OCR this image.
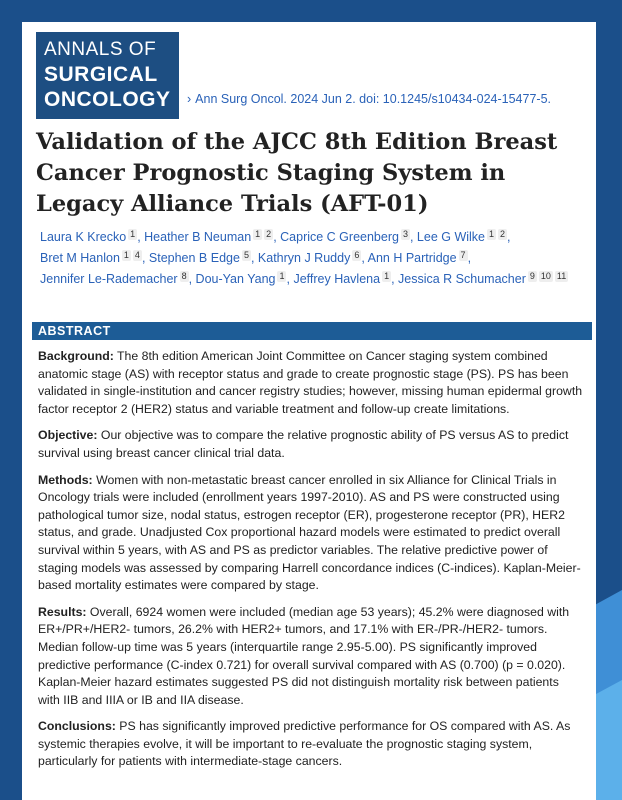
ANNALS OF
SURGICAL
ONCOLOGY › Ann Surg Oncol. 2024 Jun 2. doi: 10.1245/s10434-024-15477-5.
Validation of the AJCC 8th Edition Breast Cancer Prognostic Staging System in Legacy Alliance Trials (AFT-01)
Laura K Krecko 1 , Heather B Neuman 1 2 , Caprice C Greenberg 3 , Lee G Wilke 1 2 , Bret M Hanlon 1 4 , Stephen B Edge 5 , Kathryn J Ruddy 6 , Ann H Partridge 7 , Jennifer Le-Rademacher 8 , Dou-Yan Yang 1 , Jeffrey Havlena 1 , Jessica R Schumacher 9 10 11
ABSTRACT

Background: The 8th edition American Joint Committee on Cancer staging system combined anatomic stage (AS) with receptor status and grade to create prognostic stage (PS). PS has been validated in single-institution and cancer registry studies; however, missing human epidermal growth factor receptor 2 (HER2) status and variable treatment and follow-up create limitations.

Objective: Our objective was to compare the relative prognostic ability of PS versus AS to predict survival using breast cancer clinical trial data.

Methods: Women with non-metastatic breast cancer enrolled in six Alliance for Clinical Trials in Oncology trials were included (enrollment years 1997-2010). AS and PS were constructed using pathological tumor size, nodal status, estrogen receptor (ER), progesterone receptor (PR), HER2 status, and grade. Unadjusted Cox proportional hazard models were estimated to predict overall survival within 5 years, with AS and PS as predictor variables. The relative predictive power of staging models was assessed by comparing Harrell concordance indices (C-indices). Kaplan-Meier-based mortality estimates were compared by stage.

Results: Overall, 6924 women were included (median age 53 years); 45.2% were diagnosed with ER+/PR+/HER2- tumors, 26.2% with HER2+ tumors, and 17.1% with ER-/PR-/HER2- tumors. Median follow-up time was 5 years (interquartile range 2.95-5.00). PS significantly improved predictive performance (C-index 0.721) for overall survival compared with AS (0.700) (p = 0.020). Kaplan-Meier hazard estimates suggested PS did not distinguish mortality risk between patients with IIB and IIIA or IB and IIA disease.

Conclusions: PS has significantly improved predictive performance for OS compared with AS. As systemic therapies evolve, it will be important to re-evaluate the prognostic staging system, particularly for patients with intermediate-stage cancers.
